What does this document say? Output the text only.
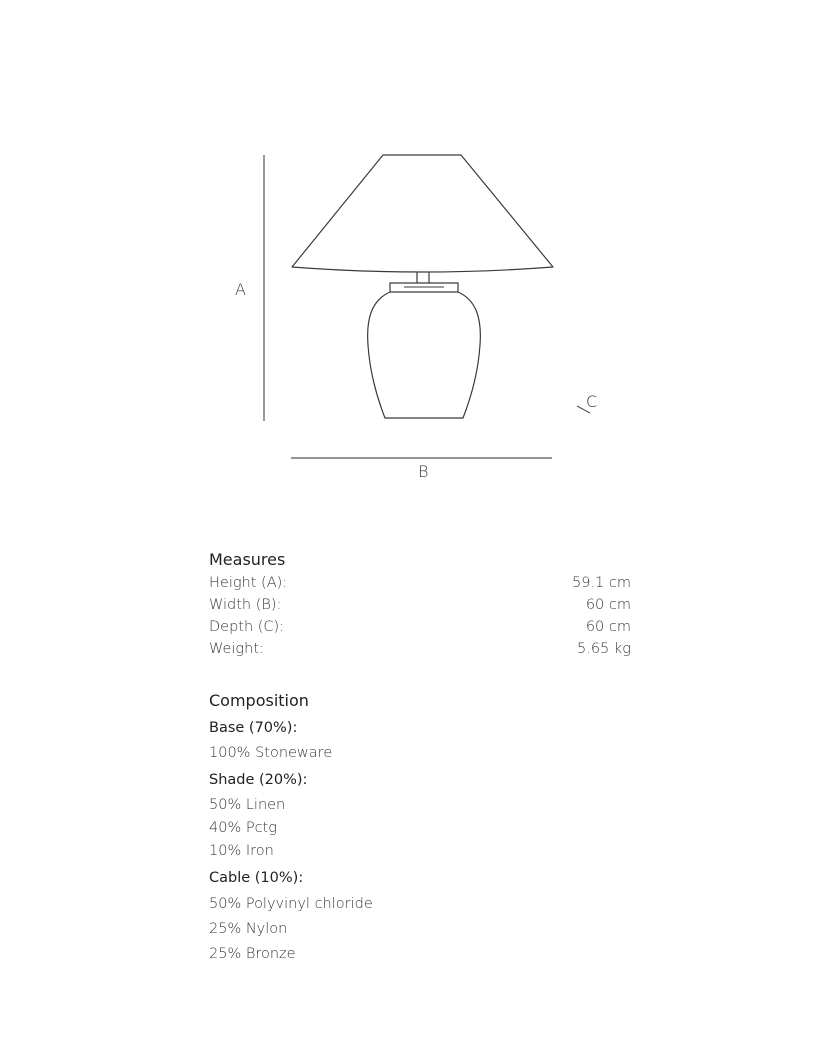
A
B
C
Measures
Height (A):	59.1 cm
Width (B):	60 cm
Depth (C):	60 cm
Weight:	5.65 kg
Composition
Base (70%):
100% Stoneware
Shade (20%):
50% Linen
40% Pctg
10% Iron
Cable (10%):
50% Polyvinyl chloride
25% Nylon
25% Bronze
